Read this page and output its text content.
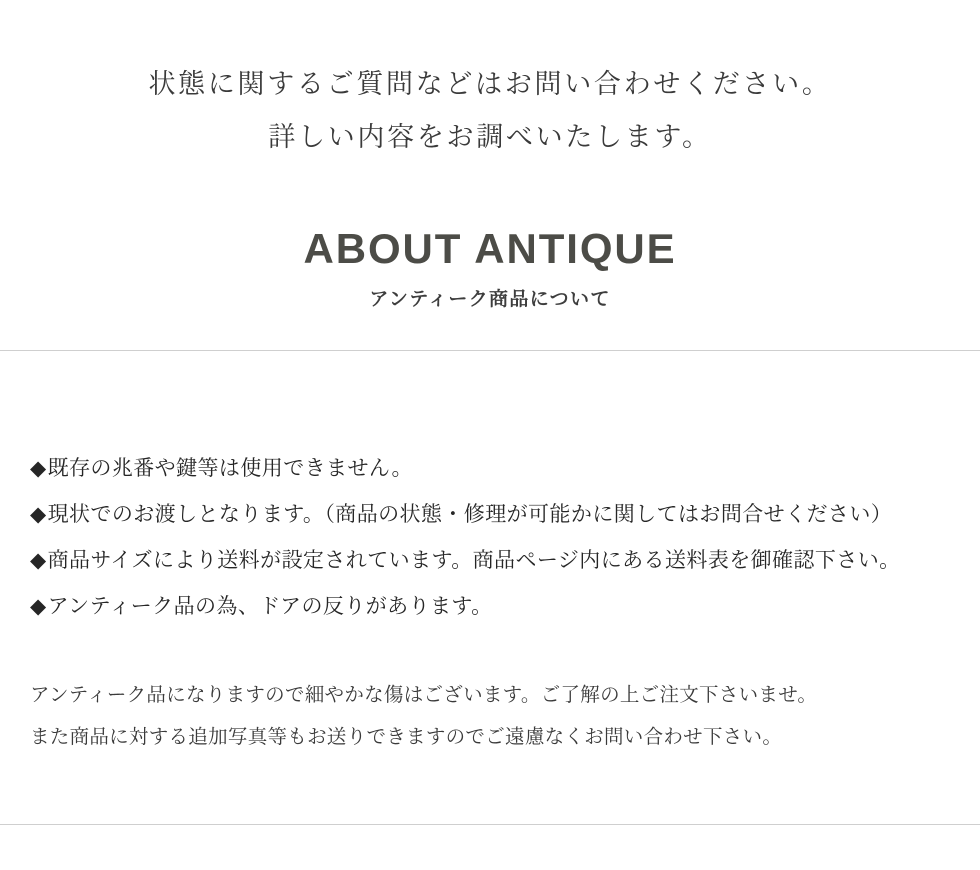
状態に関するご質問などはお問い合わせください。
詳しい内容をお調べいたします。
ABOUT ANTIQUE
アンティーク商品について
◆既存の兆番や鍵等は使用できません。
◆現状でのお渡しとなります。（商品の状態・修理が可能かに関してはお問合せください）
◆商品サイズにより送料が設定されています。商品ページ内にある送料表を御確認下さい。
◆アンティーク品の為、ドアの反りがあります。
アンティーク品になりますので細やかな傷はございます。ご了解の上ご注文下さいませ。
また商品に対する追加写真等もお送りできますのでご遠慮なくお問い合わせ下さい。
